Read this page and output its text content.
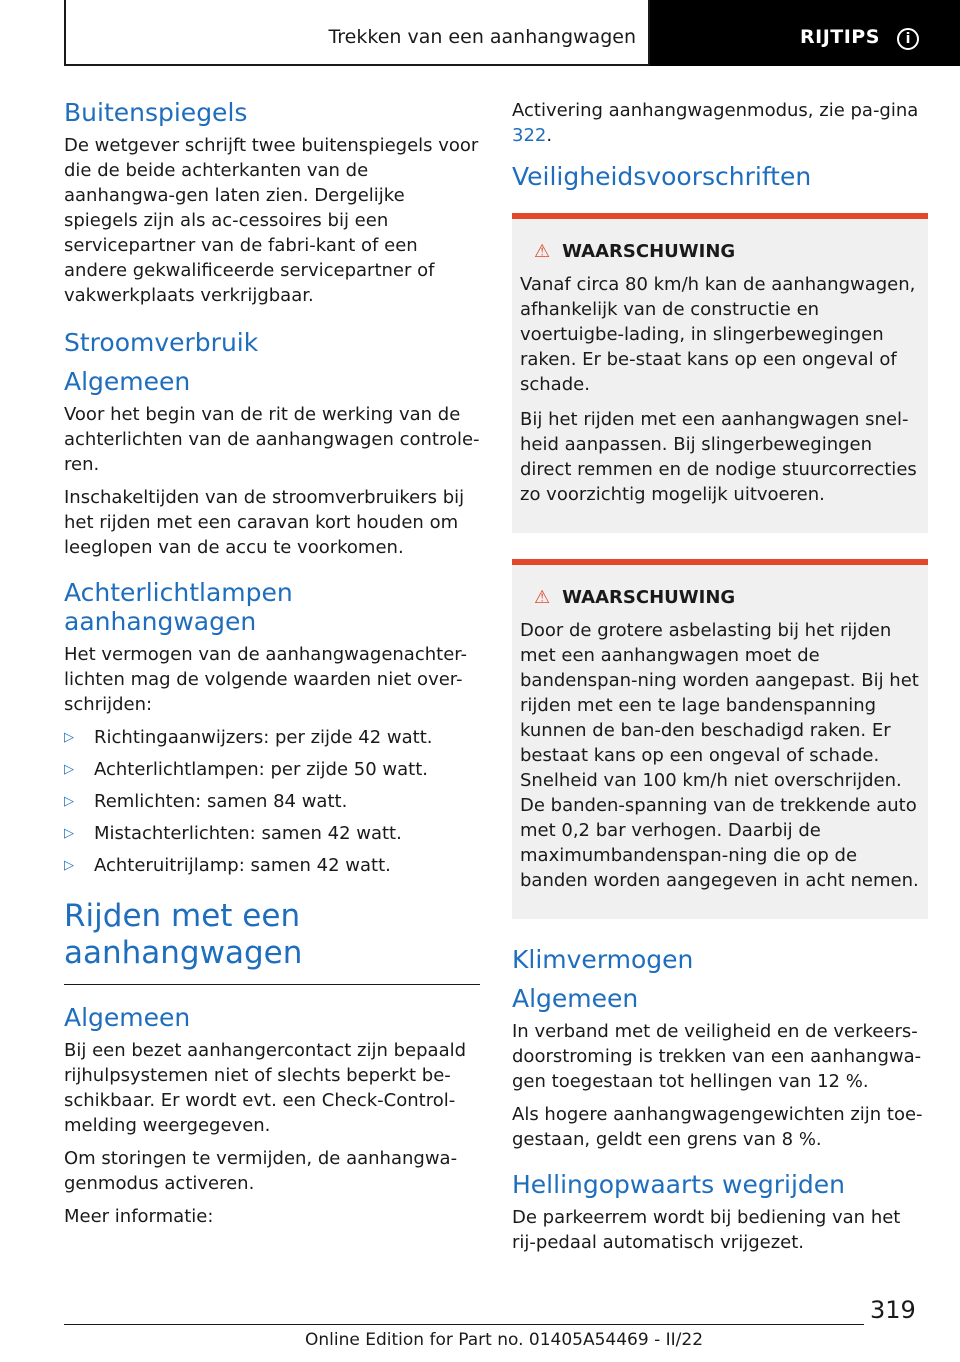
Trekken van een aanhangwagen	RIJTIPS	i
Buitenspiegels

De wetgever schrijft twee buitenspiegels voor die de beide achterkanten van de aanhangwa-gen laten zien. Dergelijke spiegels zijn als ac-cessoires bij een servicepartner van de fabri-kant of een andere gekwalificeerde servicepartner of vakwerkplaats verkrijgbaar.

Stroomverbruik
Algemeen

Voor het begin van de rit de werking van de achterlichten van de aanhangwagen controle-ren.

Inschakeltijden van de stroomverbruikers bij het rijden met een caravan kort houden om leeglopen van de accu te voorkomen.

Achterlichtlampen aanhangwagen

Het vermogen van de aanhangwagenachter-lichten mag de volgende waarden niet over-schrijden:

▷ Richtingaanwijzers: per zijde 42 watt.
▷ Achterlichtlampen: per zijde 50 watt.
▷ Remlichten: samen 84 watt.
▷ Mistachterlichten: samen 42 watt.
▷ Achteruitrijlamp: samen 42 watt.
Rijden met een aanhangwagen
Algemeen

Bij een bezet aanhangercontact zijn bepaald rijhulpsystemen niet of slechts beperkt be-schikbaar. Er wordt evt. een Check-Control-melding weergegeven.

Om storingen te vermijden, de aanhangwa-genmodus activeren.

Meer informatie:

Activering aanhangwagenmodus, zie pa-gina 322.

Veiligheidsvoorschriften
⚠ WAARSCHUWING

Vanaf circa 80 km/h kan de aanhangwagen, afhankelijk van de constructie en voertuigbe-lading, in slingerbewegingen raken. Er be-staat kans op een ongeval of schade.

Bij het rijden met een aanhangwagen snel-heid aanpassen. Bij slingerbewegingen direct remmen en de nodige stuurcorrecties zo voorzichtig mogelijk uitvoeren.

⚠ WAARSCHUWING

Door de grotere asbelasting bij het rijden met een aanhangwagen moet de bandenspan-ning worden aangepast. Bij het rijden met een te lage bandenspanning kunnen de ban-den beschadigd raken. Er bestaat kans op een ongeval of schade. Snelheid van 100 km/h niet overschrijden. De banden-spanning van de trekkende auto met 0,2 bar verhogen. Daarbij de maximumbandenspan-ning die op de banden worden aangegeven in acht nemen.

Klimvermogen
Algemeen

In verband met de veiligheid en de verkeers-doorstroming is trekken van een aanhangwa-gen toegestaan tot hellingen van 12 %.

Als hogere aanhangwagengewichten zijn toe-gestaan, geldt een grens van 8 %.

Hellingopwaarts wegrijden

De parkeerrem wordt bij bediening van het rij-pedaal automatisch vrijgezet.

319
Online Edition for Part no. 01405A54469 - II/22
